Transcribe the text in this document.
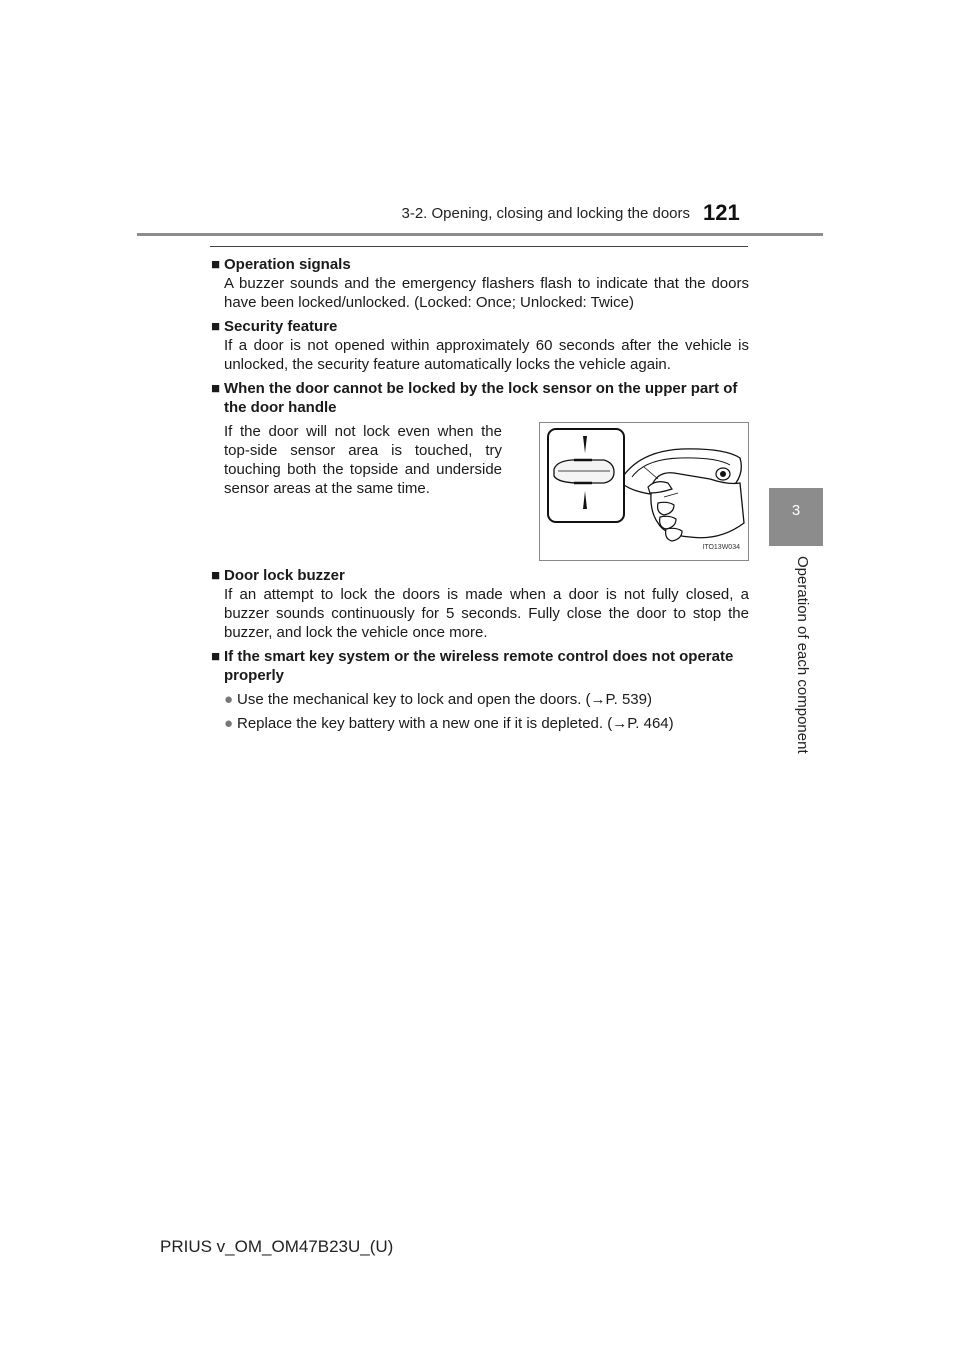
3-2. Opening, closing and locking the doors 121
3
Operation of each component
■ Operation signals
A buzzer sounds and the emergency flashers flash to indicate that the doors have been locked/unlocked. (Locked: Once; Unlocked: Twice)
■ Security feature
If a door is not opened within approximately 60 seconds after the vehicle is unlocked, the security feature automatically locks the vehicle again.
■ When the door cannot be locked by the lock sensor on the upper part of the door handle
If the door will not lock even when the top-side sensor area is touched, try touching both the topside and underside sensor areas at the same time.
ITO13W034
■ Door lock buzzer
If an attempt to lock the doors is made when a door is not fully closed, a buzzer sounds continuously for 5 seconds. Fully close the door to stop the buzzer, and lock the vehicle once more.
■ If the smart key system or the wireless remote control does not operate properly
● Use the mechanical key to lock and open the doors. (→P. 539)
● Replace the key battery with a new one if it is depleted. (→P. 464)
PRIUS v_OM_OM47B23U_(U)
